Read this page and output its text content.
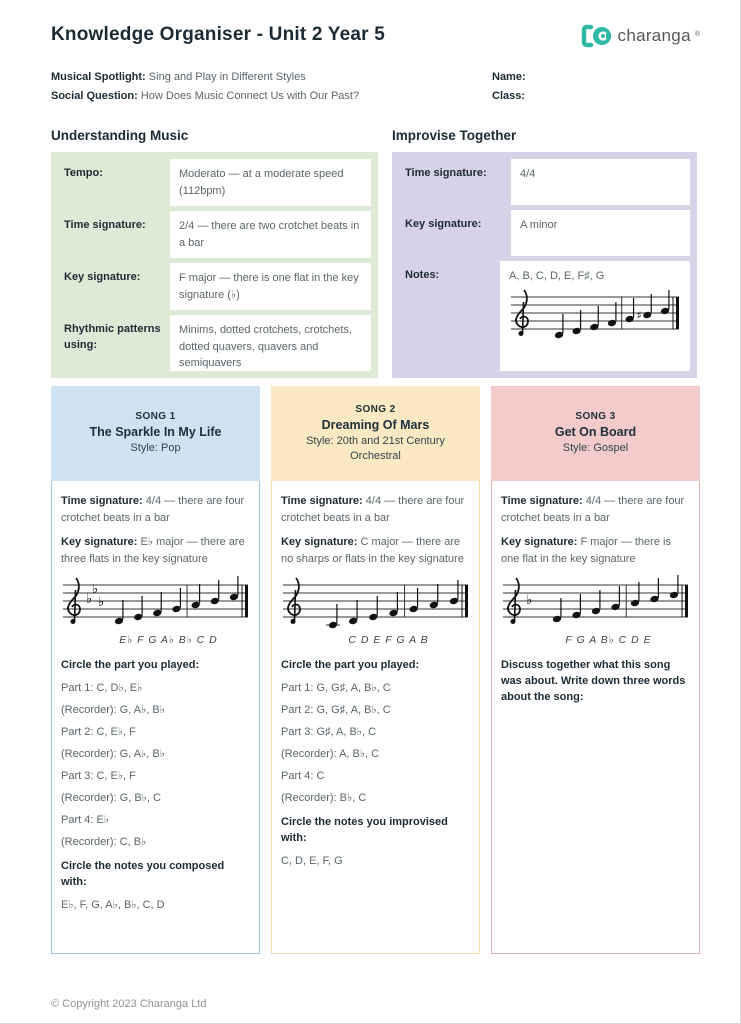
Knowledge Organiser - Unit 2 Year 5	charanga ®
Musical Spotlight: Sing and Play in Different Styles
Social Question: How Does Music Connect Us with Our Past?
Name:
Class:
Understanding Music
Tempo:	Moderato — at a moderate speed (112bpm)
Time signature:	2/4 — there are two crotchet beats in a bar
Key signature:	F major — there is one flat in the key signature (♭)
Rhythmic patterns using:
Minims, dotted crotchets, crotchets, dotted quavers, quavers and semiquavers
Improvise Together
Time signature:	4/4
Key signature:	A minor
Notes:	A, B, C, D, E, F♯, G
♯
SONG 1
The Sparkle In My Life
Style: Pop

Time signature: 4/4 — there are four crotchet beats in a bar

Key signature: E♭ major — there are three flats in the key signature

♭
♭
♭
E♭ F G A♭ B♭ C D
Circle the part you played:
Part 1: C, D♭, E♭
(Recorder): G, A♭, B♭
Part 2: C, E♭, F
(Recorder): G, A♭, B♭
Part 3: C, E♭, F
(Recorder): G, B♭, C
Part 4: E♭
(Recorder): C, B♭
Circle the notes you composed with:
E♭, F, G, A♭, B♭, C, D
SONG 2
Dreaming Of Mars
Style: 20th and 21st Century Orchestral

Time signature: 4/4 — there are four crotchet beats in a bar

Key signature: C major — there are no sharps or flats in the key signature

C D E F G A B
Circle the part you played:
Part 1: G, G♯, A, B♭, C
Part 2: G, G♯, A, B♭, C
Part 3: G♯, A, B♭, C
(Recorder): A, B♭, C
Part 4: C
(Recorder): B♭, C
Circle the notes you improvised with:
C, D, E, F, G
SONG 3
Get On Board
Style: Gospel

Time signature: 4/4 — there are four crotchet beats in a bar

Key signature: F major — there is one flat in the key signature

♭
F G A B♭ C D E
Discuss together what this song was about. Write down three words about the song:
© Copyright 2023 Charanga Ltd
